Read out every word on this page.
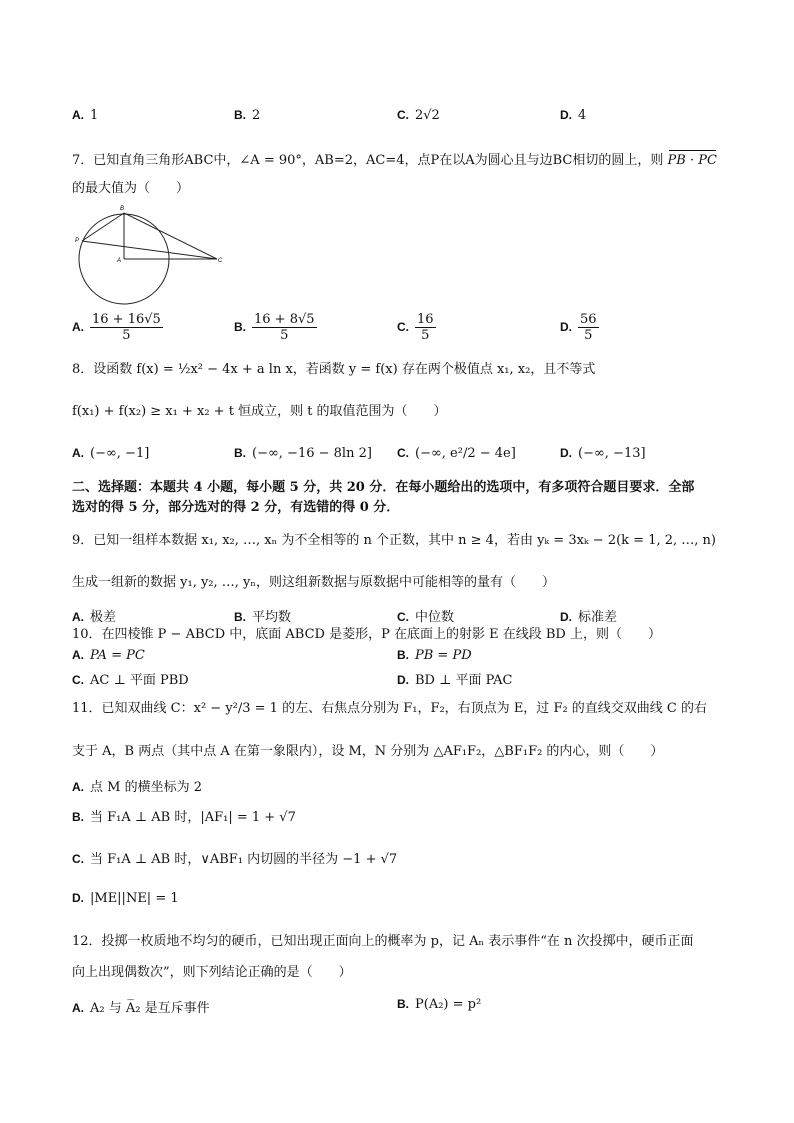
A. 1	B. 2	C. 2√2	D. 4
7．已知直角三角形ABC中，∠A = 90°，AB=2，AC=4，点P在以A为圆心且与边BC相切的圆上，则 PB · PC
的最大值为（　　）
B
P
A	C
A. $\frac{16 + 16√5}{5}$	B. $\frac{16 + 8√5}{5}$	C. $\frac{16}{5}$	D. $\frac{56}{5}$
8．设函数 f(x) = ½x² − 4x + a ln x，若函数 y = f(x) 存在两个极值点 x₁, x₂，且不等式
f(x₁) + f(x₂) ≥ x₁ + x₂ + t 恒成立，则 t 的取值范围为（　　）
A. (−∞, −1]	B. (−∞, −16 − 8ln 2] C. (−∞, e²/2 − 4e]	D. (−∞, −13]
二、选择题：本题共 4 小题，每小题 5 分，共 20 分．在每小题给出的选项中，有多项符合题目要求．全部
选对的得 5 分，部分选对的得 2 分，有选错的得 0 分．
9．已知一组样本数据 x₁, x₂, …, xₙ 为不全相等的 n 个正数，其中 n ≥ 4，若由 yₖ = 3xₖ − 2(k = 1, 2, …, n)
生成一组新的数据 y₁, y₂, …, yₙ，则这组新数据与原数据中可能相等的量有（　　）
A. 极差	B. 平均数	C. 中位数	D. 标准差
10．在四棱锥 P − ABCD 中，底面 ABCD 是菱形，P 在底面上的射影 E 在线段 BD 上，则（　　）
A. PA = PC	B. PB = PD
C. AC ⊥ 平面 PBD	D. BD ⊥ 平面 PAC
11．已知双曲线 C：x² − y²/3 = 1 的左、右焦点分别为 F₁，F₂，右顶点为 E，过 F₂ 的直线交双曲线 C 的右
支于 A，B 两点（其中点 A 在第一象限内），设 M，N 分别为 △AF₁F₂，△BF₁F₂ 的内心，则（　　）
A. 点 M 的横坐标为 2
B. 当 F₁A ⊥ AB 时，|AF₁| = 1 + √7
C. 当 F₁A ⊥ AB 时，∨ABF₁ 内切圆的半径为 −1 + √7
D. |ME||NE| = 1
12．投掷一枚质地不均匀的硬币，已知出现正面向上的概率为 p，记 Aₙ 表示事件“在 n 次投掷中，硬币正面
向上出现偶数次”，则下列结论正确的是（　　）
A. A₂ 与 A̅₂ 是互斥事件	B. P(A₂) = p²
